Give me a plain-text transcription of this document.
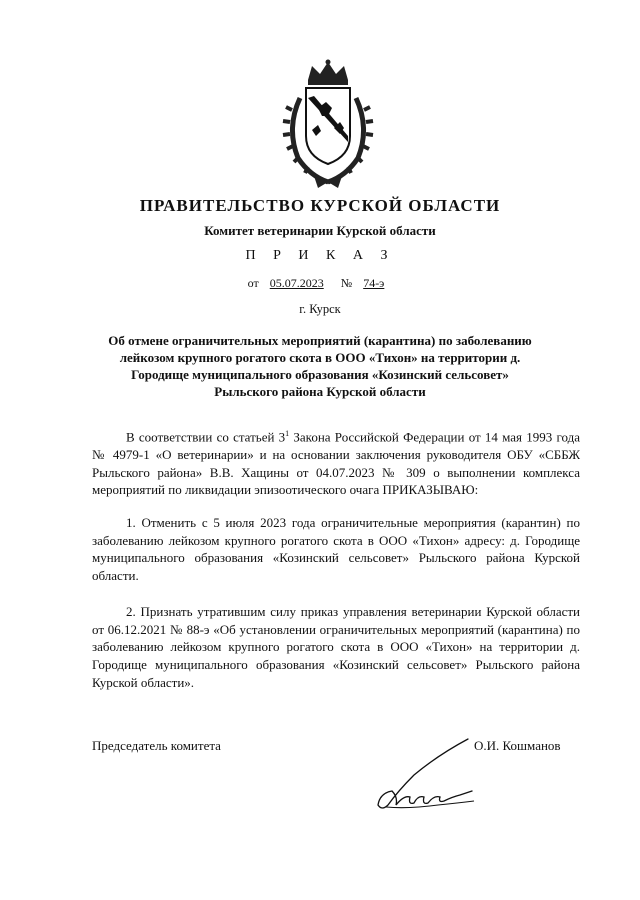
ПРАВИТЕЛЬСТВО КУРСКОЙ ОБЛАСТИ
Комитет ветеринарии Курской области
П Р И К А З
от 05.07.2023 № 74-э
г. Курск
Об отмене ограничительных мероприятий (карантина) по заболеванию лейкозом крупного рогатого скота в ООО «Тихон» на территории д. Городище муниципального образования «Козинский сельсовет» Рыльского района Курской области

В соответствии со статьей $3^1$ Закона Российской Федерации от 14 мая 1993 года № 4979-1 «О ветеринарии» и на основании заключения руководителя ОБУ «СББЖ Рыльского района» В.В. Хащины от 04.07.2023 № 309 о выполнении комплекса мероприятий по ликвидации эпизоотического очага ПРИКАЗЫВАЮ:

1. Отменить с 5 июля 2023 года ограничительные мероприятия (карантин) по заболеванию лейкозом крупного рогатого скота в ООО «Тихон» адресу: д. Городище муниципального образования «Козинский сельсовет» Рыльского района Курской области.

2. Признать утратившим силу приказ управления ветеринарии Курской области от 06.12.2021 № 88-э «Об установлении ограничительных мероприятий (карантина) по заболеванию лейкозом крупного рогатого скота в ООО «Тихон» на территории д. Городище муниципального образования «Козинский сельсовет» Рыльского района Курской области».

Председатель комитета	О.И. Кошманов
